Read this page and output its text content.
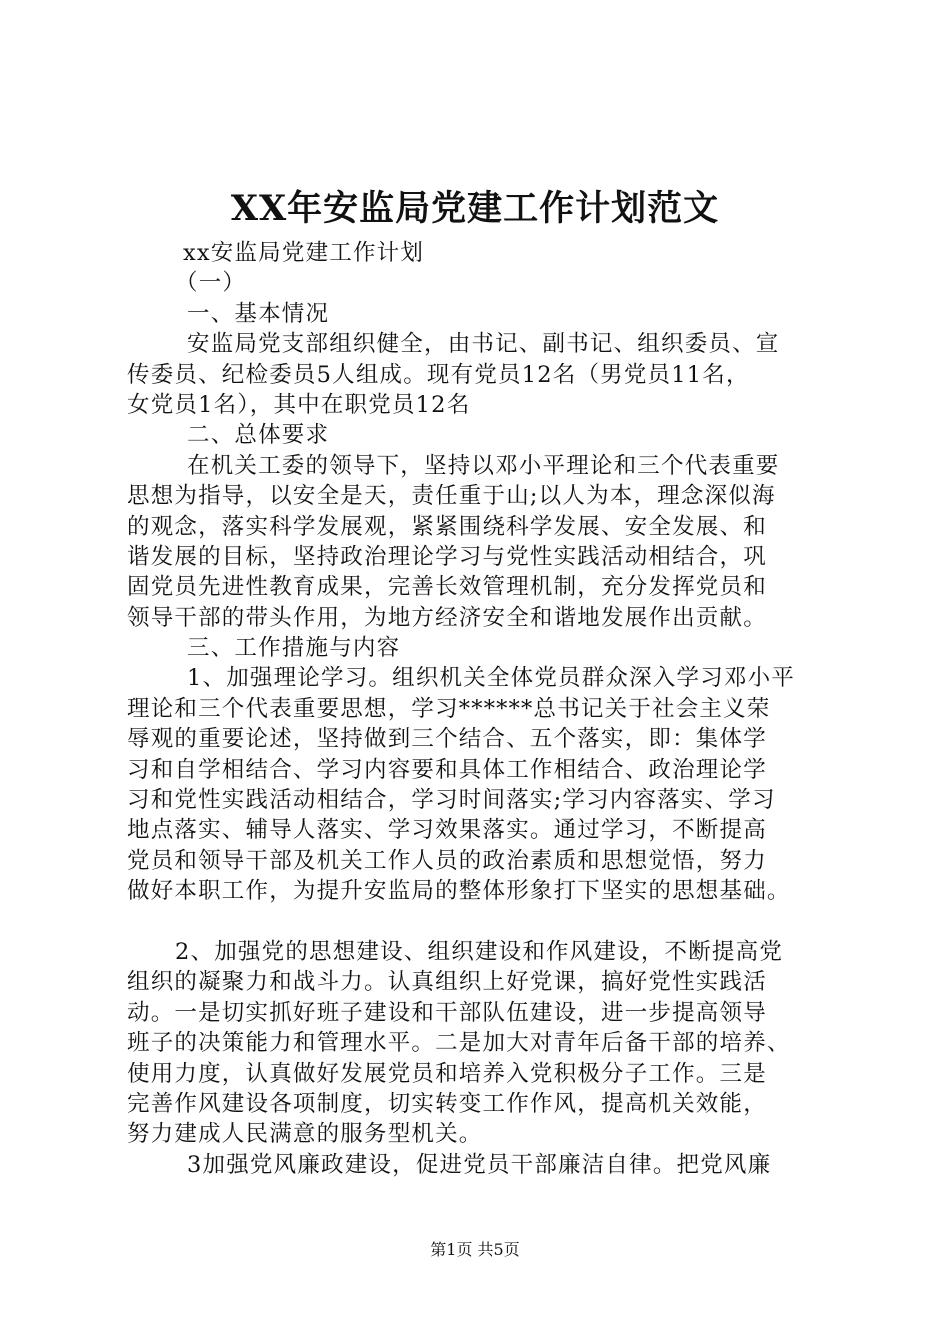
XX年安监局党建工作计划范文
xx安监局党建工作计划
（一）
一、基本情况
安监局党支部组织健全，由书记、副书记、组织委员、宣
传委员、纪检委员5人组成。现有党员12名（男党员11名，
女党员1名），其中在职党员12名
二、总体要求
在机关工委的领导下，坚持以邓小平理论和三个代表重要
思想为指导，以安全是天，责任重于山;以人为本，理念深似海
的观念，落实科学发展观，紧紧围绕科学发展、安全发展、和
谐发展的目标，坚持政治理论学习与党性实践活动相结合，巩
固党员先进性教育成果，完善长效管理机制，充分发挥党员和
领导干部的带头作用，为地方经济安全和谐地发展作出贡献。
三、工作措施与内容
1、加强理论学习。组织机关全体党员群众深入学习邓小平
理论和三个代表重要思想，学习******总书记关于社会主义荣
辱观的重要论述，坚持做到三个结合、五个落实，即：集体学
习和自学相结合、学习内容要和具体工作相结合、政治理论学
习和党性实践活动相结合，学习时间落实;学习内容落实、学习
地点落实、辅导人落实、学习效果落实。通过学习，不断提高
党员和领导干部及机关工作人员的政治素质和思想觉悟，努力
做好本职工作，为提升安监局的整体形象打下坚实的思想基础。
2、加强党的思想建设、组织建设和作风建设，不断提高党
组织的凝聚力和战斗力。认真组织上好党课，搞好党性实践活
动。一是切实抓好班子建设和干部队伍建设，进一步提高领导
班子的决策能力和管理水平。二是加大对青年后备干部的培养、
使用力度，认真做好发展党员和培养入党积极分子工作。三是
完善作风建设各项制度，切实转变工作作风，提高机关效能，
努力建成人民满意的服务型机关。
3加强党风廉政建设，促进党员干部廉洁自律。把党风廉
第1页 共5页
